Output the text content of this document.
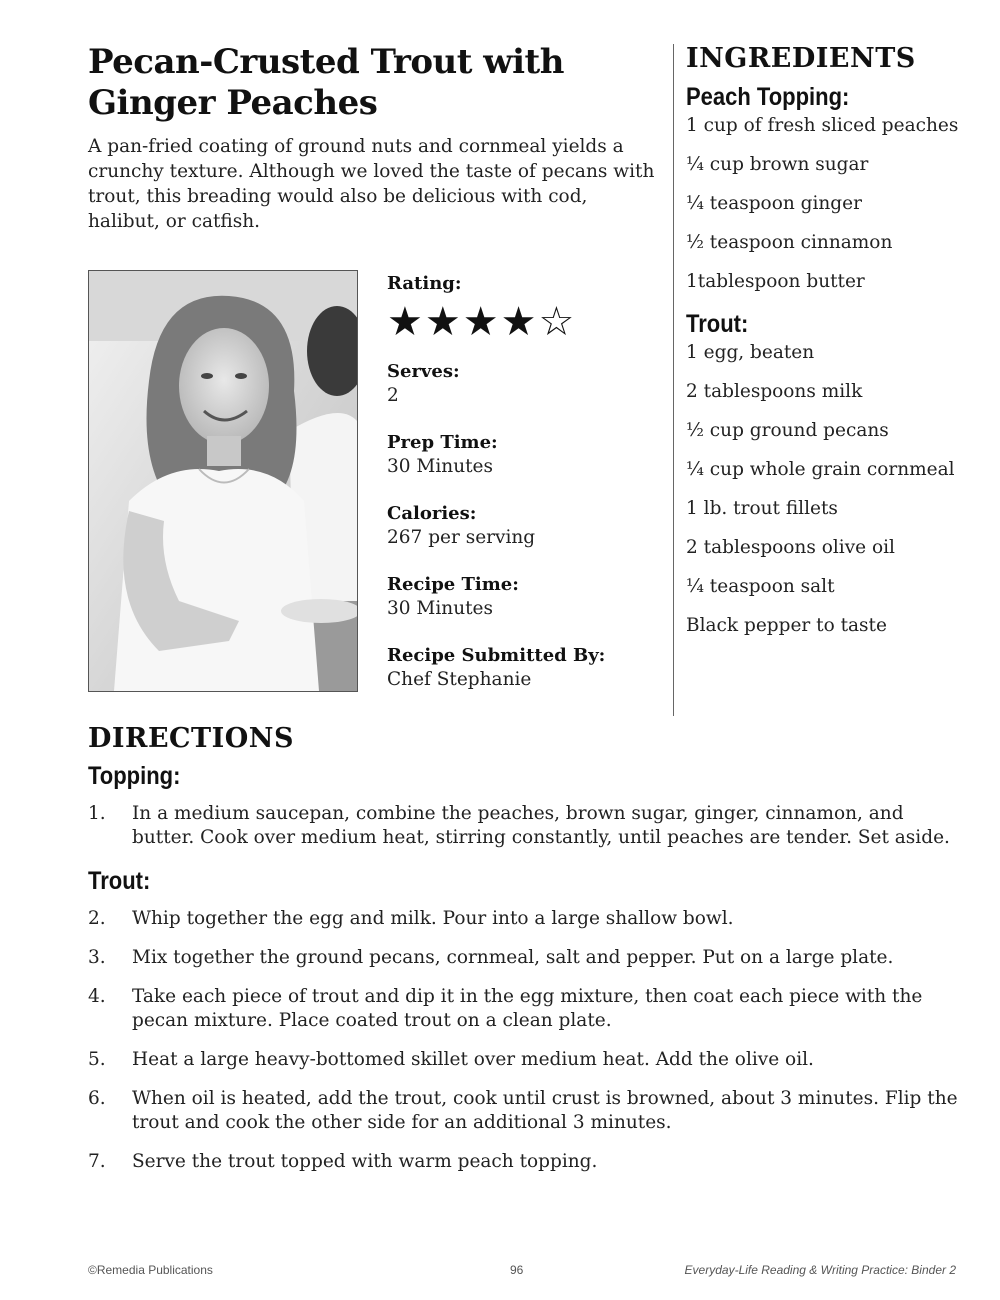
Pecan-Crusted Trout with Ginger Peaches
A pan-fried coating of ground nuts and cornmeal yields a crunchy texture. Although we loved the taste of pecans with trout, this breading would also be delicious with cod, halibut, or catfish.
Rating:
★★★★☆
Serves:
2
Prep Time:
30 Minutes
Calories:
267 per serving
Recipe Time:
30 Minutes
Recipe Submitted By:
Chef Stephanie
INGREDIENTS
Peach Topping:
1 cup of fresh sliced peaches
¼ cup brown sugar
¼ teaspoon ginger
½ teaspoon cinnamon
1tablespoon butter
Trout:
1 egg, beaten
2 tablespoons milk
½ cup ground pecans
¼ cup whole grain cornmeal
1 lb. trout fillets
2 tablespoons olive oil
¼ teaspoon salt
Black pepper to taste
DIRECTIONS
Topping:
1.	In a medium saucepan, combine the peaches, brown sugar, ginger, cinnamon, and butter. Cook over medium heat, stirring constantly, until peaches are tender. Set aside.
Trout:
2.	Whip together the egg and milk. Pour into a large shallow bowl.
3.	Mix together the ground pecans, cornmeal, salt and pepper. Put on a large plate.
4.	Take each piece of trout and dip it in the egg mixture, then coat each piece with the pecan mixture. Place coated trout on a clean plate.
5.	Heat a large heavy-bottomed skillet over medium heat. Add the olive oil.
6.	When oil is heated, add the trout, cook until crust is browned, about 3 minutes. Flip the trout and cook the other side for an additional 3 minutes.
7.	Serve the trout topped with warm peach topping.
©Remedia Publications	96	Everyday-Life Reading & Writing Practice: Binder 2
